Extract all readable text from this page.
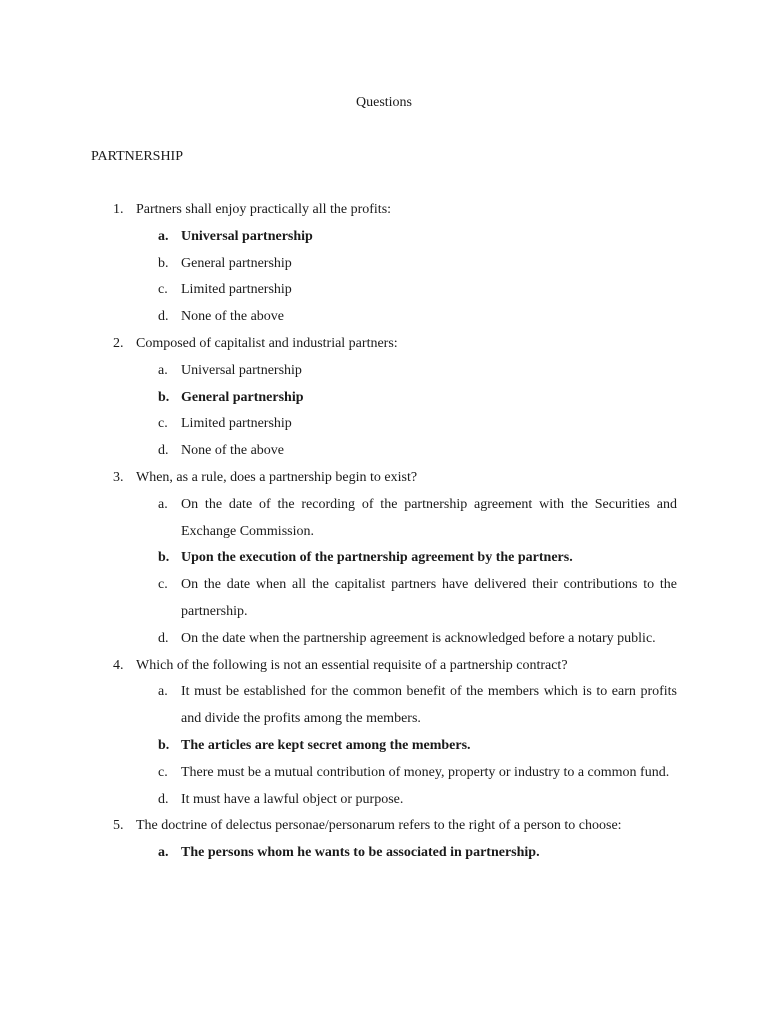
Questions
PARTNERSHIP
1. Partners shall enjoy practically all the profits:
a. Universal partnership
b. General partnership
c. Limited partnership
d. None of the above
2. Composed of capitalist and industrial partners:
a. Universal partnership
b. General partnership
c. Limited partnership
d. None of the above
3. When, as a rule, does a partnership begin to exist?
a. On the date of the recording of the partnership agreement with the Securities and Exchange Commission.
b. Upon the execution of the partnership agreement by the partners.
c. On the date when all the capitalist partners have delivered their contributions to the partnership.
d. On the date when the partnership agreement is acknowledged before a notary public.
4. Which of the following is not an essential requisite of a partnership contract?
a. It must be established for the common benefit of the members which is to earn profits and divide the profits among the members.
b. The articles are kept secret among the members.
c. There must be a mutual contribution of money, property or industry to a common fund.
d. It must have a lawful object or purpose.
5. The doctrine of delectus personae/personarum refers to the right of a person to choose:
a. The persons whom he wants to be associated in partnership.
